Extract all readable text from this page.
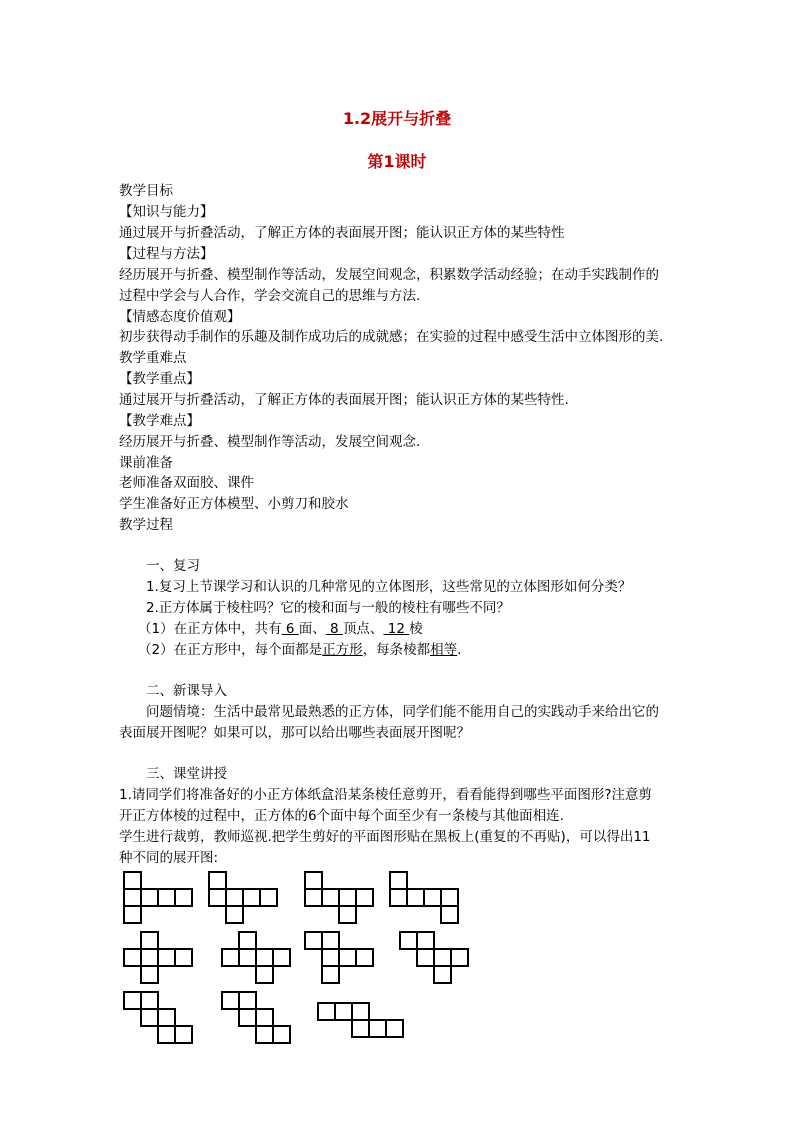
1.2展开与折叠
第1课时
教学目标
【知识与能力】
通过展开与折叠活动，了解正方体的表面展开图；能认识正方体的某些特性
【过程与方法】
经历展开与折叠、模型制作等活动，发展空间观念，积累数学活动经验；在动手实践制作的
过程中学会与人合作，学会交流自己的思维与方法.
【情感态度价值观】
初步获得动手制作的乐趣及制作成功后的成就感；在实验的过程中感受生活中立体图形的美.
教学重难点
【教学重点】
通过展开与折叠活动，了解正方体的表面展开图；能认识正方体的某些特性.
【教学难点】
经历展开与折叠、模型制作等活动，发展空间观念.
课前准备
老师准备双面胶、课件
学生准备好正方体模型、小剪刀和胶水
教学过程
一、复习
1.复习上节课学习和认识的几种常见的立体图形，这些常见的立体图形如何分类？
2.正方体属于棱柱吗？它的棱和面与一般的棱柱有哪些不同？
（1）在正方体中，共有 6 面、 8 顶点、 12 棱
（2）在正方形中，每个面都是正方形，每条棱都相等.
二、新课导入
问题情境：生活中最常见最熟悉的正方体，同学们能不能用自己的实践动手来给出它的
表面展开图呢？如果可以，那可以给出哪些表面展开图呢？
三、课堂讲授
1.请同学们将准备好的小正方体纸盒沿某条棱任意剪开，看看能得到哪些平面图形?注意剪
开正方体棱的过程中，正方体的6个面中每个面至少有一条棱与其他面相连.
学生进行裁剪，教师巡视.把学生剪好的平面图形贴在黑板上(重复的不再贴)，可以得出11
种不同的展开图:
